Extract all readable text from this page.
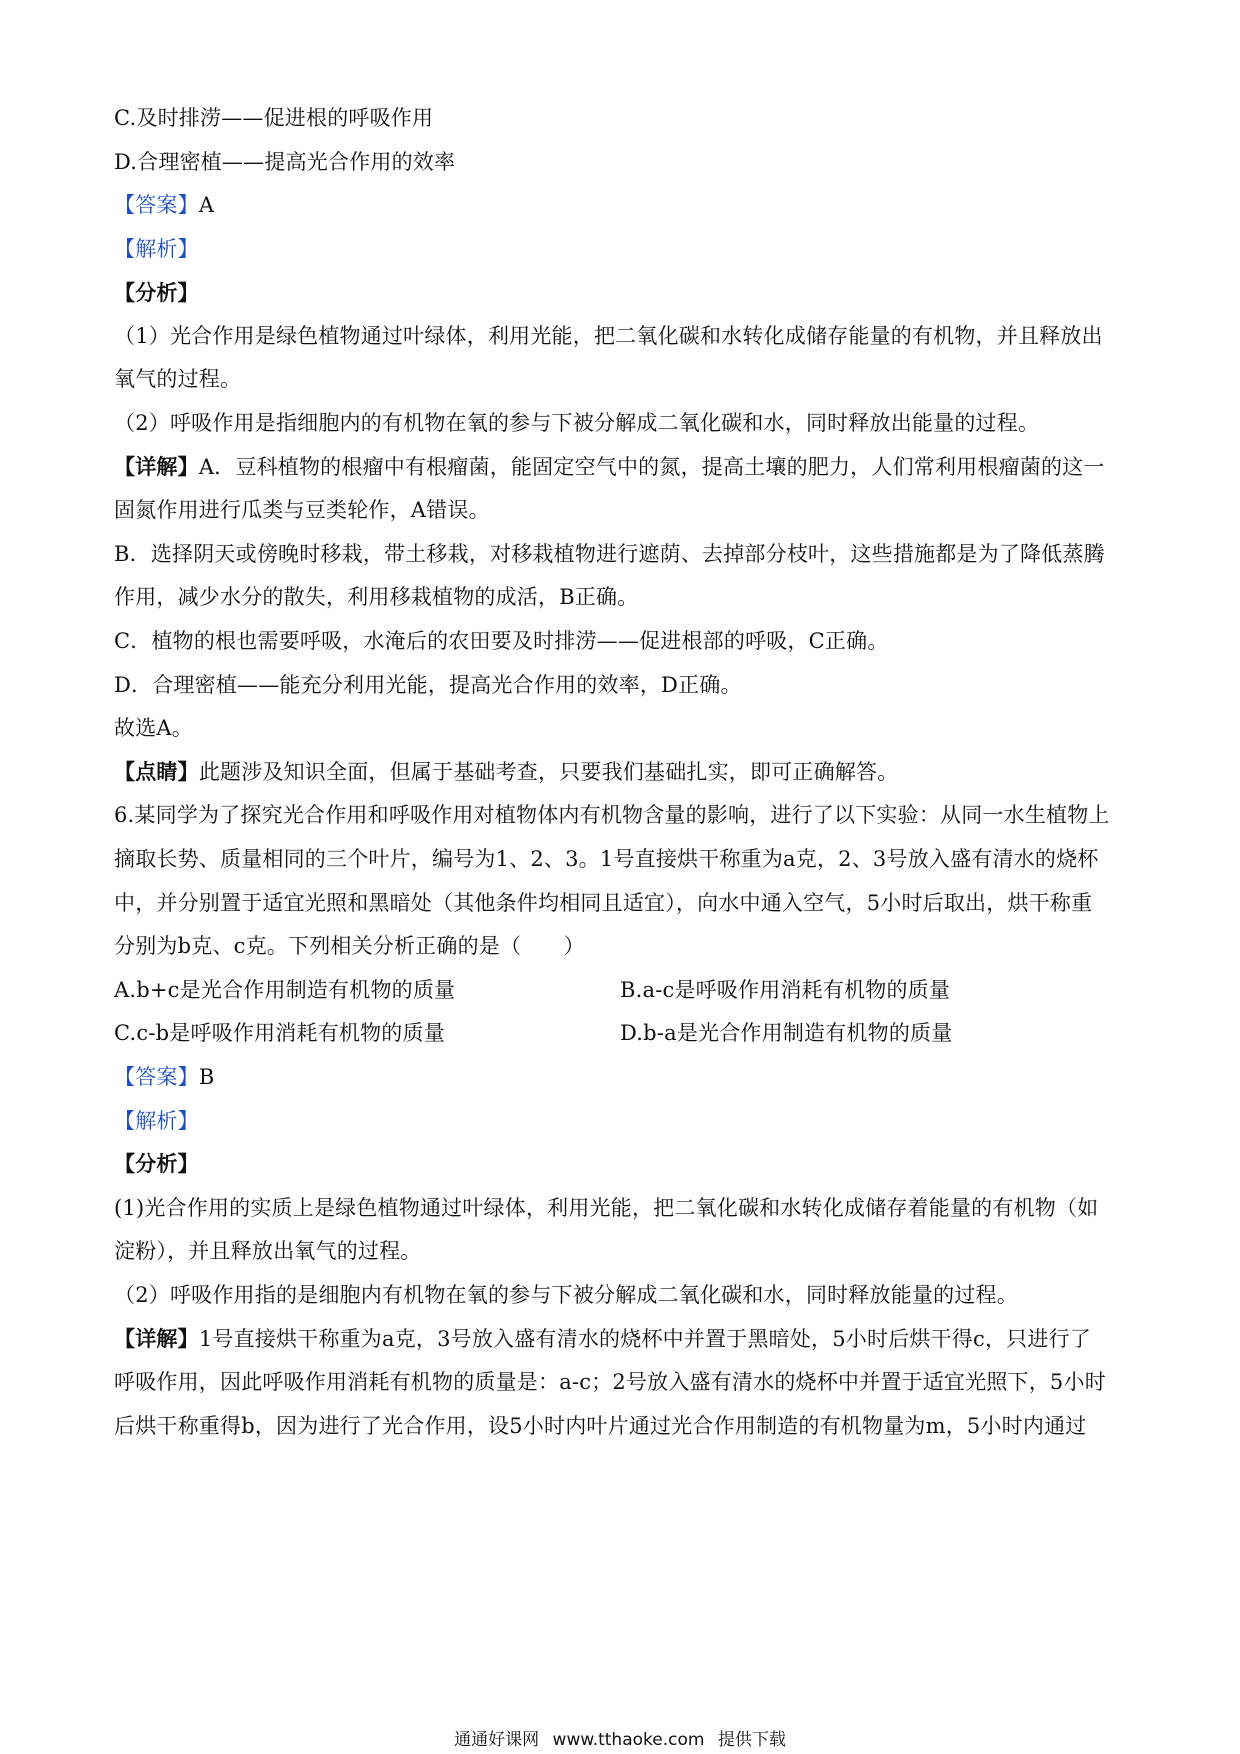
C.及时排涝——促进根的呼吸作用
D.合理密植——提高光合作用的效率
【答案】A
【解析】
【分析】
（1）光合作用是绿色植物通过叶绿体，利用光能，把二氧化碳和水转化成储存能量的有机物，并且释放出
氧气的过程。
（2）呼吸作用是指细胞内的有机物在氧的参与下被分解成二氧化碳和水，同时释放出能量的过程。
【详解】A．豆科植物的根瘤中有根瘤菌，能固定空气中的氮，提高土壤的肥力，人们常利用根瘤菌的这一
固氮作用进行瓜类与豆类轮作，A错误。
B．选择阴天或傍晚时移栽，带土移栽，对移栽植物进行遮荫、去掉部分枝叶，这些措施都是为了降低蒸腾
作用，减少水分的散失，利用移栽植物的成活，B正确。
C．植物的根也需要呼吸，水淹后的农田要及时排涝——促进根部的呼吸，C正确。
D．合理密植——能充分利用光能，提高光合作用的效率，D正确。
故选A。
【点睛】此题涉及知识全面，但属于基础考查，只要我们基础扎实，即可正确解答。
6.某同学为了探究光合作用和呼吸作用对植物体内有机物含量的影响，进行了以下实验：从同一水生植物上
摘取长势、质量相同的三个叶片，编号为1、2、3。1号直接烘干称重为a克，2、3号放入盛有清水的烧杯
中，并分别置于适宜光照和黑暗处（其他条件均相同且适宜），向水中通入空气，5小时后取出，烘干称重
分别为b克、c克。下列相关分析正确的是（　　）
A.b+c是光合作用制造有机物的质量	B.a-c是呼吸作用消耗有机物的质量
C.c-b是呼吸作用消耗有机物的质量	D.b-a是光合作用制造有机物的质量
【答案】B
【解析】
【分析】
(1)光合作用的实质上是绿色植物通过叶绿体，利用光能，把二氧化碳和水转化成储存着能量的有机物（如
淀粉），并且释放出氧气的过程。
（2）呼吸作用指的是细胞内有机物在氧的参与下被分解成二氧化碳和水，同时释放能量的过程。
【详解】1号直接烘干称重为a克，3号放入盛有清水的烧杯中并置于黑暗处，5小时后烘干得c，只进行了
呼吸作用，因此呼吸作用消耗有机物的质量是：a-c；2号放入盛有清水的烧杯中并置于适宜光照下，5小时
后烘干称重得b，因为进行了光合作用，设5小时内叶片通过光合作用制造的有机物量为m，5小时内通过
通通好课网 www.tthaoke.com 提供下载
